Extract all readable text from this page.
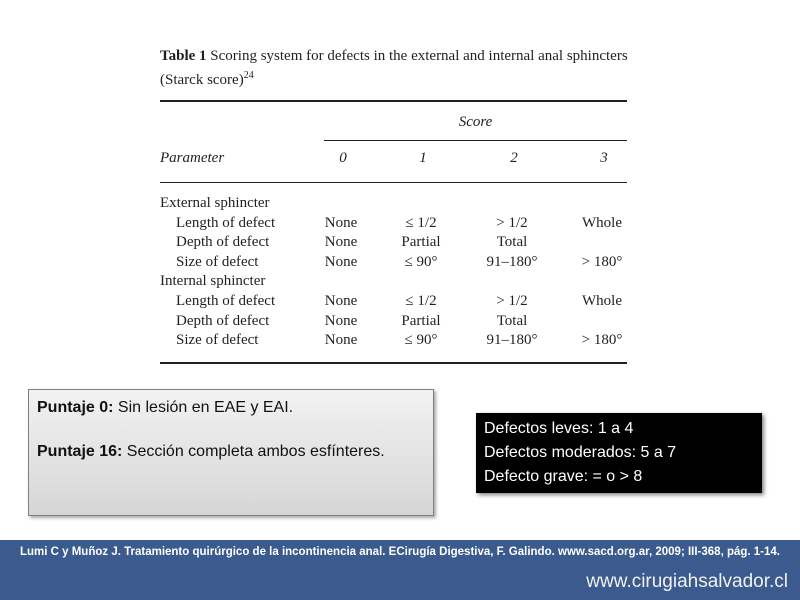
Table 1 Scoring system for defects in the external and internal anal sphincters (Starck score)$^{24}$
Score
Parameter	0	1	2	3
External sphincter
Length of defect	None	≤ 1/2	> 1/2	Whole
Depth of defect	None	Partial	Total
Size of defect	None	≤ 90°	91–180°	> 180°
Internal sphincter
Length of defect	None	≤ 1/2	> 1/2	Whole
Depth of defect	None	Partial	Total
Size of defect	None	≤ 90°	91–180°	> 180°

Puntaje 0: Sin lesión en EAE y EAI.

Puntaje 16: Sección completa ambos esfínteres.

Defectos leves: 1 a 4
Defectos moderados: 5 a 7
Defecto grave: = o > 8
Lumi C y Muñoz J. Tratamiento quirúrgico de la incontinencia anal. ECirugía Digestiva, F. Galindo. www.sacd.org.ar, 2009; III-368, pág. 1-14.
www.cirugiahsalvador.cl
